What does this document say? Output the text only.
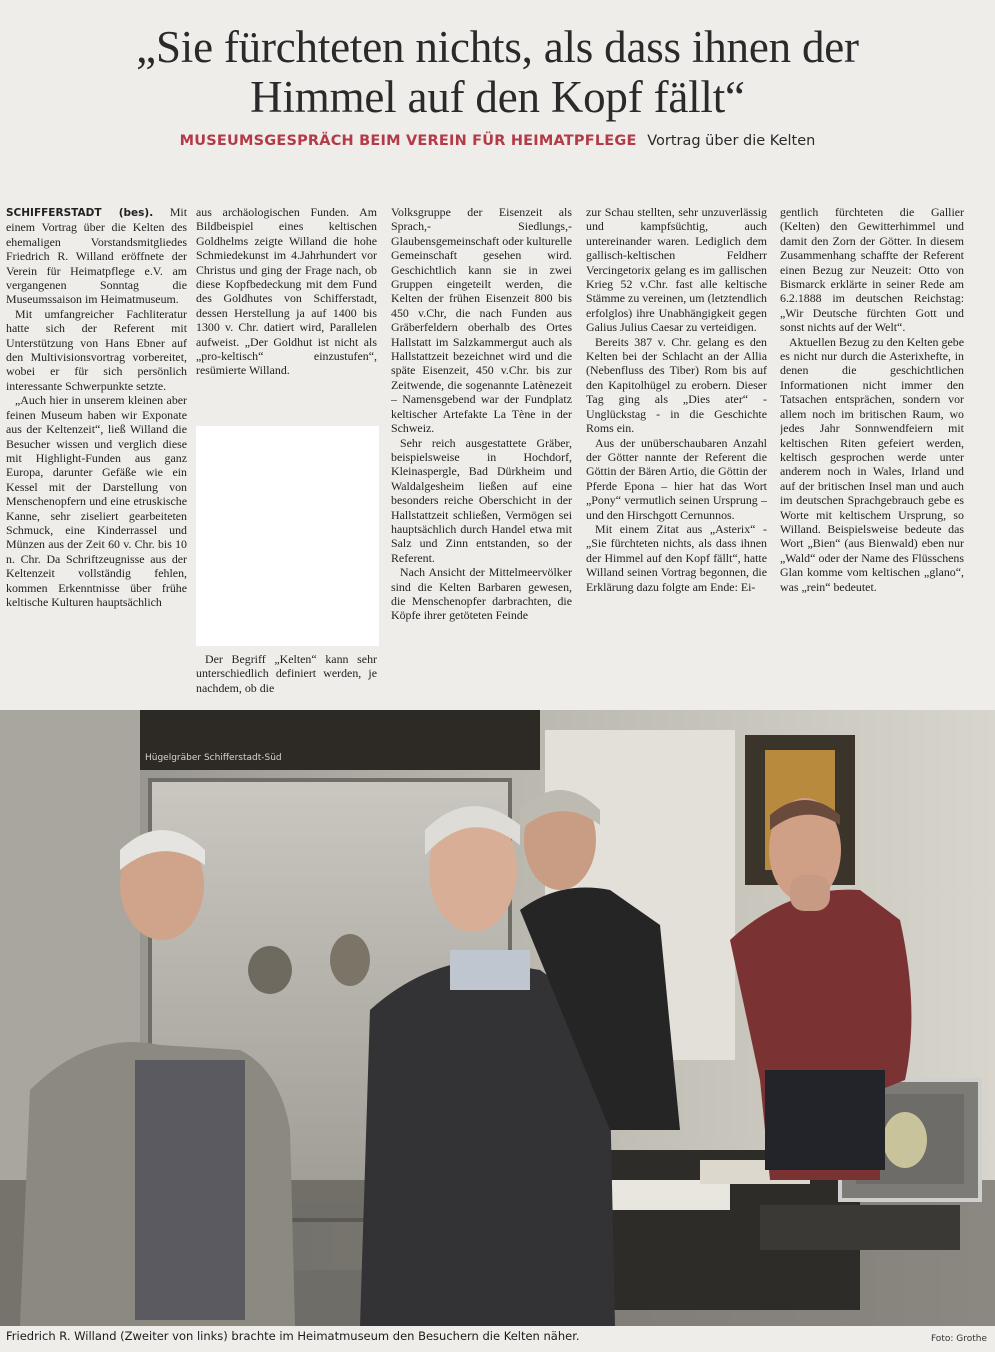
„Sie fürchteten nichts, als dass ihnen der
Himmel auf den Kopf fällt“
MUSEUMSGESPRÄCH BEIM VEREIN FÜR HEIMATPFLEGE Vortrag über die Kelten

SCHIFFERSTADT (bes). Mit einem Vortrag über die Kelten des ehemaligen Vorstandsmitgliedes Friedrich R. Willand eröffnete der Verein für Heimatpflege e.V. am vergangenen Sonntag die Museumssaison im Heimatmuseum.

Mit umfangreicher Fachliteratur hatte sich der Referent mit Unterstützung von Hans Ebner auf den Multivisionsvortrag vorbereitet, wobei er für sich persönlich interessante Schwerpunkte setzte.

„Auch hier in unserem kleinen aber feinen Museum haben wir Exponate aus der Keltenzeit“, ließ Willand die Besucher wissen und verglich diese mit Highlight-Funden aus ganz Europa, darunter Gefäße wie ein Kessel mit der Darstellung von Menschenopfern und eine etruskische Kanne, sehr ziseliert gearbeiteten Schmuck, eine Kinderrassel und Münzen aus der Zeit 60 v. Chr. bis 10 n. Chr. Da Schriftzeugnisse aus der Keltenzeit vollständig fehlen, kommen Erkenntnisse über frühe keltische Kulturen hauptsächlich

aus archäologischen Funden. Am Bildbeispiel eines keltischen Goldhelms zeigte Willand die hohe Schmiedekunst im 4.Jahrhundert vor Christus und ging der Frage nach, ob diese Kopfbedeckung mit dem Fund des Goldhutes von Schifferstadt, dessen Herstellung ja auf 1400 bis 1300 v. Chr. datiert wird, Parallelen aufweist. „Der Goldhut ist nicht als „pro-keltisch“ einzustufen“, resümierte Willand.

Der Begriff „Kelten“ kann sehr unterschiedlich definiert werden, je nachdem, ob die

Volksgruppe der Eisenzeit als Sprach,- Siedlungs,- Glaubensgemeinschaft oder kulturelle Gemeinschaft gesehen wird. Geschichtlich kann sie in zwei Gruppen eingeteilt werden, die Kelten der frühen Eisenzeit 800 bis 450 v.Chr, die nach Funden aus Gräberfeldern oberhalb des Ortes Hallstatt im Salzkammergut auch als Hallstattzeit bezeichnet wird und die späte Eisenzeit, 450 v.Chr. bis zur Zeitwende, die sogenannte Latènezeit – Namensgebend war der Fundplatz keltischer Artefakte La Tène in der Schweiz.

Sehr reich ausgestattete Gräber, beispielsweise in Hochdorf, Kleinaspergle, Bad Dürkheim und Waldalgesheim ließen auf eine besonders reiche Oberschicht in der Hallstattzeit schließen, Vermögen sei hauptsächlich durch Handel etwa mit Salz und Zinn entstanden, so der Referent.

Nach Ansicht der Mittelmeervölker sind die Kelten Barbaren gewesen, die Menschenopfer darbrachten, die Köpfe ihrer getöteten Feinde

zur Schau stellten, sehr unzuverlässig und kampfsüchtig, auch untereinander waren. Lediglich dem gallisch-keltischen Feldherr Vercingetorix gelang es im gallischen Krieg 52 v.Chr. fast alle keltische Stämme zu vereinen, um (letztendlich erfolglos) ihre Unabhängigkeit gegen Galius Julius Caesar zu verteidigen.

Bereits 387 v. Chr. gelang es den Kelten bei der Schlacht an der Allia (Nebenfluss des Tiber) Rom bis auf den Kapitolhügel zu erobern. Dieser Tag ging als „Dies ater“ - Unglückstag - in die Geschichte Roms ein.

Aus der unüberschaubaren Anzahl der Götter nannte der Referent die Göttin der Bären Artio, die Göttin der Pferde Epona – hier hat das Wort „Pony“ vermutlich seinen Ursprung – und den Hirschgott Cernunnos.

Mit einem Zitat aus „Asterix“ - „Sie fürchteten nichts, als dass ihnen der Himmel auf den Kopf fällt“, hatte Willand seinen Vortrag begonnen, die Erklärung dazu folgte am Ende: Ei-

gentlich fürchteten die Gallier (Kelten) den Gewitterhimmel und damit den Zorn der Götter. In diesem Zusammenhang schaffte der Referent einen Bezug zur Neuzeit: Otto von Bismarck erklärte in seiner Rede am 6.2.1888 im deutschen Reichstag: „Wir Deutsche fürchten Gott und sonst nichts auf der Welt“.

Aktuellen Bezug zu den Kelten gebe es nicht nur durch die Asterixhefte, in denen die geschichtlichen Informationen nicht immer den Tatsachen entsprächen, sondern vor allem noch im britischen Raum, wo jedes Jahr Sonnwendfeiern mit keltischen Riten gefeiert werden, keltisch gesprochen werde unter anderem noch in Wales, Irland und auf der britischen Insel man und auch im deutschen Sprachgebrauch gebe es Worte mit keltischem Ursprung, so Willand. Beispielsweise bedeute das Wort „Bien“ (aus Bienwald) eben nur „Wald“ oder der Name des Flüsschens Glan komme vom keltischen „glano“, was „rein“ bedeutet.

Hügelgräber Schifferstadt-Süd
Friedrich R. Willand (Zweiter von links) brachte im Heimatmuseum den Besuchern die Kelten näher.	Foto: Grothe
